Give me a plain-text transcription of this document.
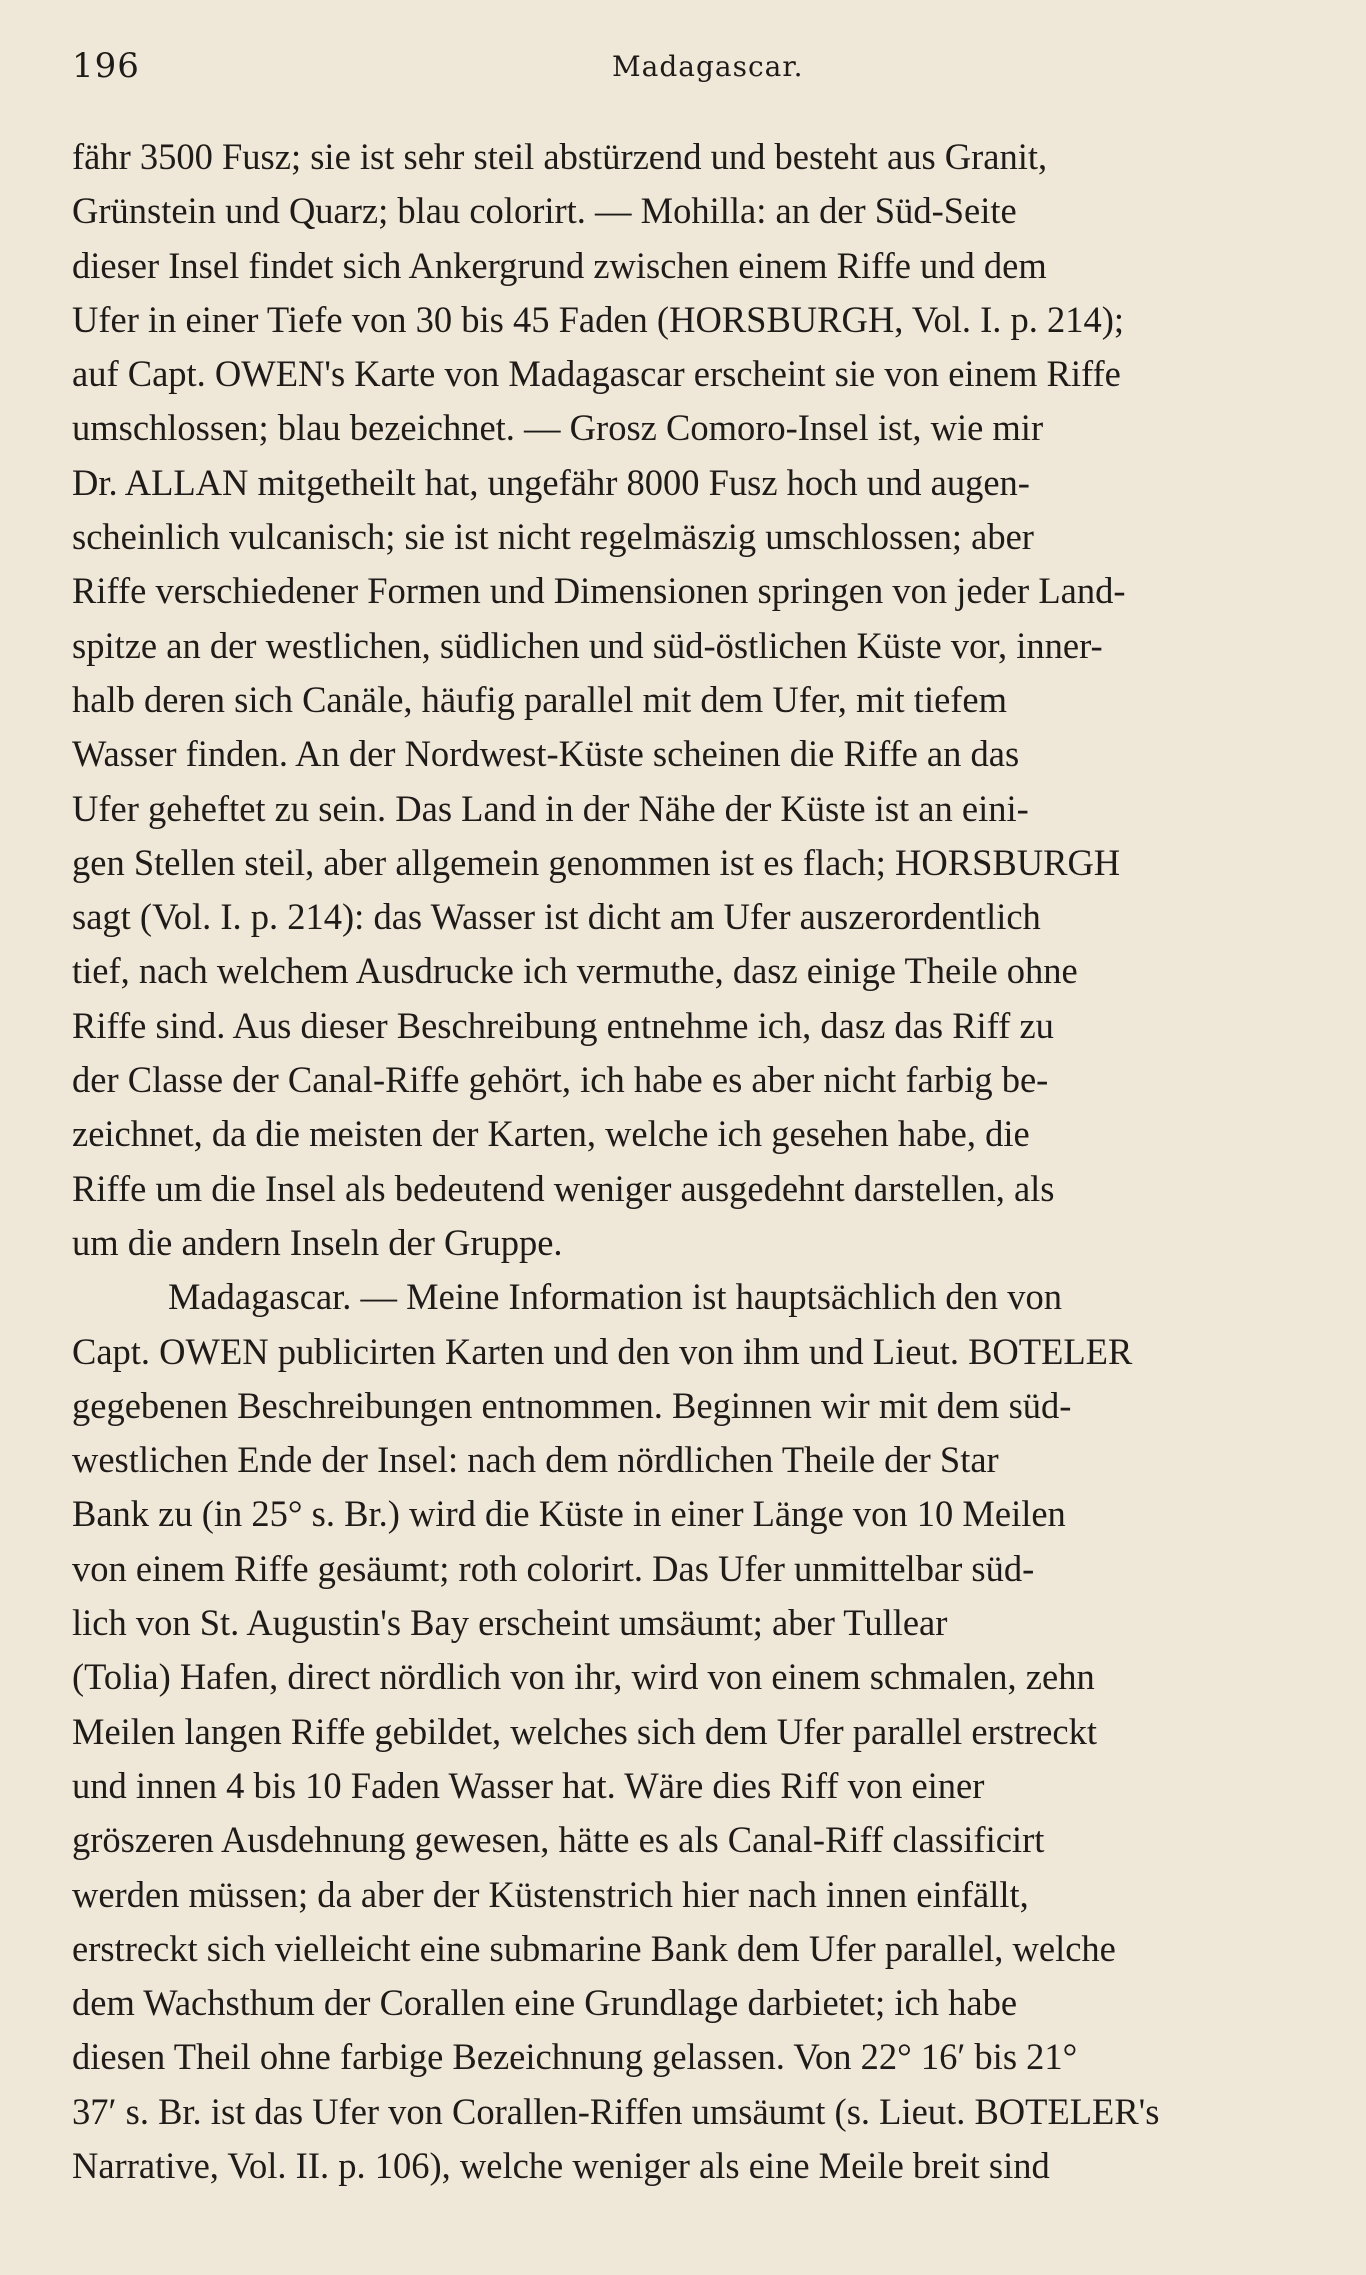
196	Madagascar.
fähr 3500 Fusz; sie ist sehr steil abstürzend und besteht aus Granit,
Grünstein und Quarz; blau colorirt. — Mohilla: an der Süd-Seite
dieser Insel findet sich Ankergrund zwischen einem Riffe und dem
Ufer in einer Tiefe von 30 bis 45 Faden (HORSBURGH, Vol. I. p. 214);
auf Capt. OWEN's Karte von Madagascar erscheint sie von einem Riffe
umschlossen; blau bezeichnet. — Grosz Comoro-Insel ist, wie mir
Dr. ALLAN mitgetheilt hat, ungefähr 8000 Fusz hoch und augen-
scheinlich vulcanisch; sie ist nicht regelmäszig umschlossen; aber
Riffe verschiedener Formen und Dimensionen springen von jeder Land-
spitze an der westlichen, südlichen und süd-östlichen Küste vor, inner-
halb deren sich Canäle, häufig parallel mit dem Ufer, mit tiefem
Wasser finden. An der Nordwest-Küste scheinen die Riffe an das
Ufer geheftet zu sein. Das Land in der Nähe der Küste ist an eini-
gen Stellen steil, aber allgemein genommen ist es flach; HORSBURGH
sagt (Vol. I. p. 214): das Wasser ist dicht am Ufer auszerordentlich
tief, nach welchem Ausdrucke ich vermuthe, dasz einige Theile ohne
Riffe sind. Aus dieser Beschreibung entnehme ich, dasz das Riff zu
der Classe der Canal-Riffe gehört, ich habe es aber nicht farbig be-
zeichnet, da die meisten der Karten, welche ich gesehen habe, die
Riffe um die Insel als bedeutend weniger ausgedehnt darstellen, als
um die andern Inseln der Gruppe.
Madagascar. — Meine Information ist hauptsächlich den von
Capt. OWEN publicirten Karten und den von ihm und Lieut. BOTELER
gegebenen Beschreibungen entnommen. Beginnen wir mit dem süd-
westlichen Ende der Insel: nach dem nördlichen Theile der Star
Bank zu (in 25° s. Br.) wird die Küste in einer Länge von 10 Meilen
von einem Riffe gesäumt; roth colorirt. Das Ufer unmittelbar süd-
lich von St. Augustin's Bay erscheint umsäumt; aber Tullear
(Tolia) Hafen, direct nördlich von ihr, wird von einem schmalen, zehn
Meilen langen Riffe gebildet, welches sich dem Ufer parallel erstreckt
und innen 4 bis 10 Faden Wasser hat. Wäre dies Riff von einer
gröszeren Ausdehnung gewesen, hätte es als Canal-Riff classificirt
werden müssen; da aber der Küstenstrich hier nach innen einfällt,
erstreckt sich vielleicht eine submarine Bank dem Ufer parallel, welche
dem Wachsthum der Corallen eine Grundlage darbietet; ich habe
diesen Theil ohne farbige Bezeichnung gelassen. Von 22° 16′ bis 21°
37′ s. Br. ist das Ufer von Corallen-Riffen umsäumt (s. Lieut. BOTELER's
Narrative, Vol. II. p. 106), welche weniger als eine Meile breit sind
